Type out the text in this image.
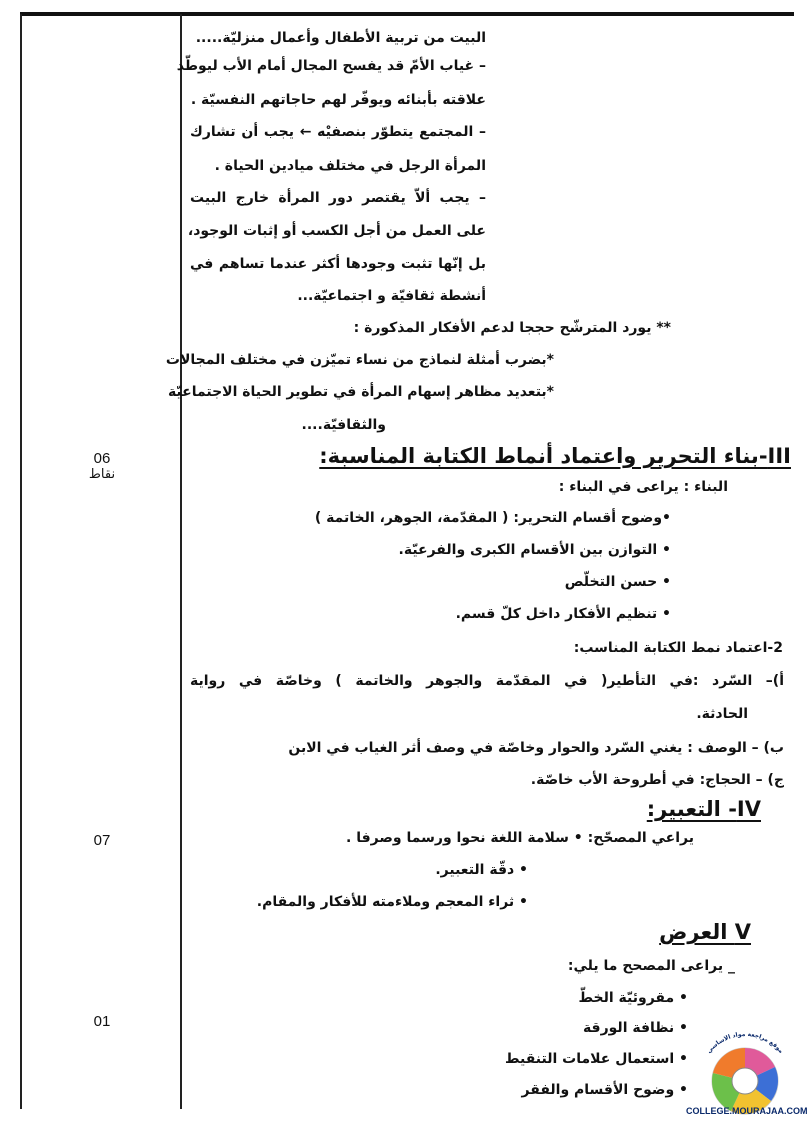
06
نقاط
07
01
البيت من تربية الأطفال وأعمال منزليّة.....
– غياب الأمّ قد يفسح المجال أمام الأب ليوطّد
علاقته بأبنائه ويوفّر لهم حاجاتهم النفسيّة .
– المجتمع يتطوّر بنصفيْه ← يجب أن تشارك
المرأة الرجل في مختلف ميادين الحياة .
– يجب ألاّ يقتصر دور المرأة خارج البيت
على العمل من أجل الكسب أو إثبات الوجود،
بل إنّها تثبت وجودها أكثر عندما تساهم في
أنشطة ثقافيّة و اجتماعيّة...
** يورد المترشّح حججا لدعم الأفكار المذكورة :
*بضرب أمثلة لنماذج من نساء تميّزن في مختلف المجالات
*بتعديد مظاهر إسهام المرأة في تطوير الحياة الاجتماعيّة
والثقافيّة....
III-بناء التحرير واعتماد أنماط الكتابة المناسبة:
البناء : يراعى في البناء :
•وضوح أقسام التحرير: ( المقدّمة، الجوهر، الخاتمة )
• التوازن بين الأقسام الكبرى والفرعيّة.
• حسن التخلّص
• تنظيم الأفكار داخل كلّ قسم.
2-اعتماد نمط الكتابة المناسب:
أ)– السّرد :في التأطير( في المقدّمة والجوهر والخاتمة ) وخاصّة في رواية
الحادثة.
ب) – الوصف : يغني السّرد والحوار وخاصّة في وصف أثر الغياب في الابن
ج) – الحجاج: في أطروحة الأب خاصّة.
IV- التعبير:
يراعي المصحّح: • سلامة اللغة نحوا ورسما وصرفا .
• دقّة التعبير.
• ثراء المعجم وملاءمته للأفكار والمقام.
V العرض
_ يراعى المصحح ما يلي:
• مقروئيّة الخطّ
• نظافة الورقة
• استعمال علامات التنقيط
• وضوح الأقسام والفقر
موقع مراجعة مواد الاساسي
COLLEGE.MOURAJAA.COM
